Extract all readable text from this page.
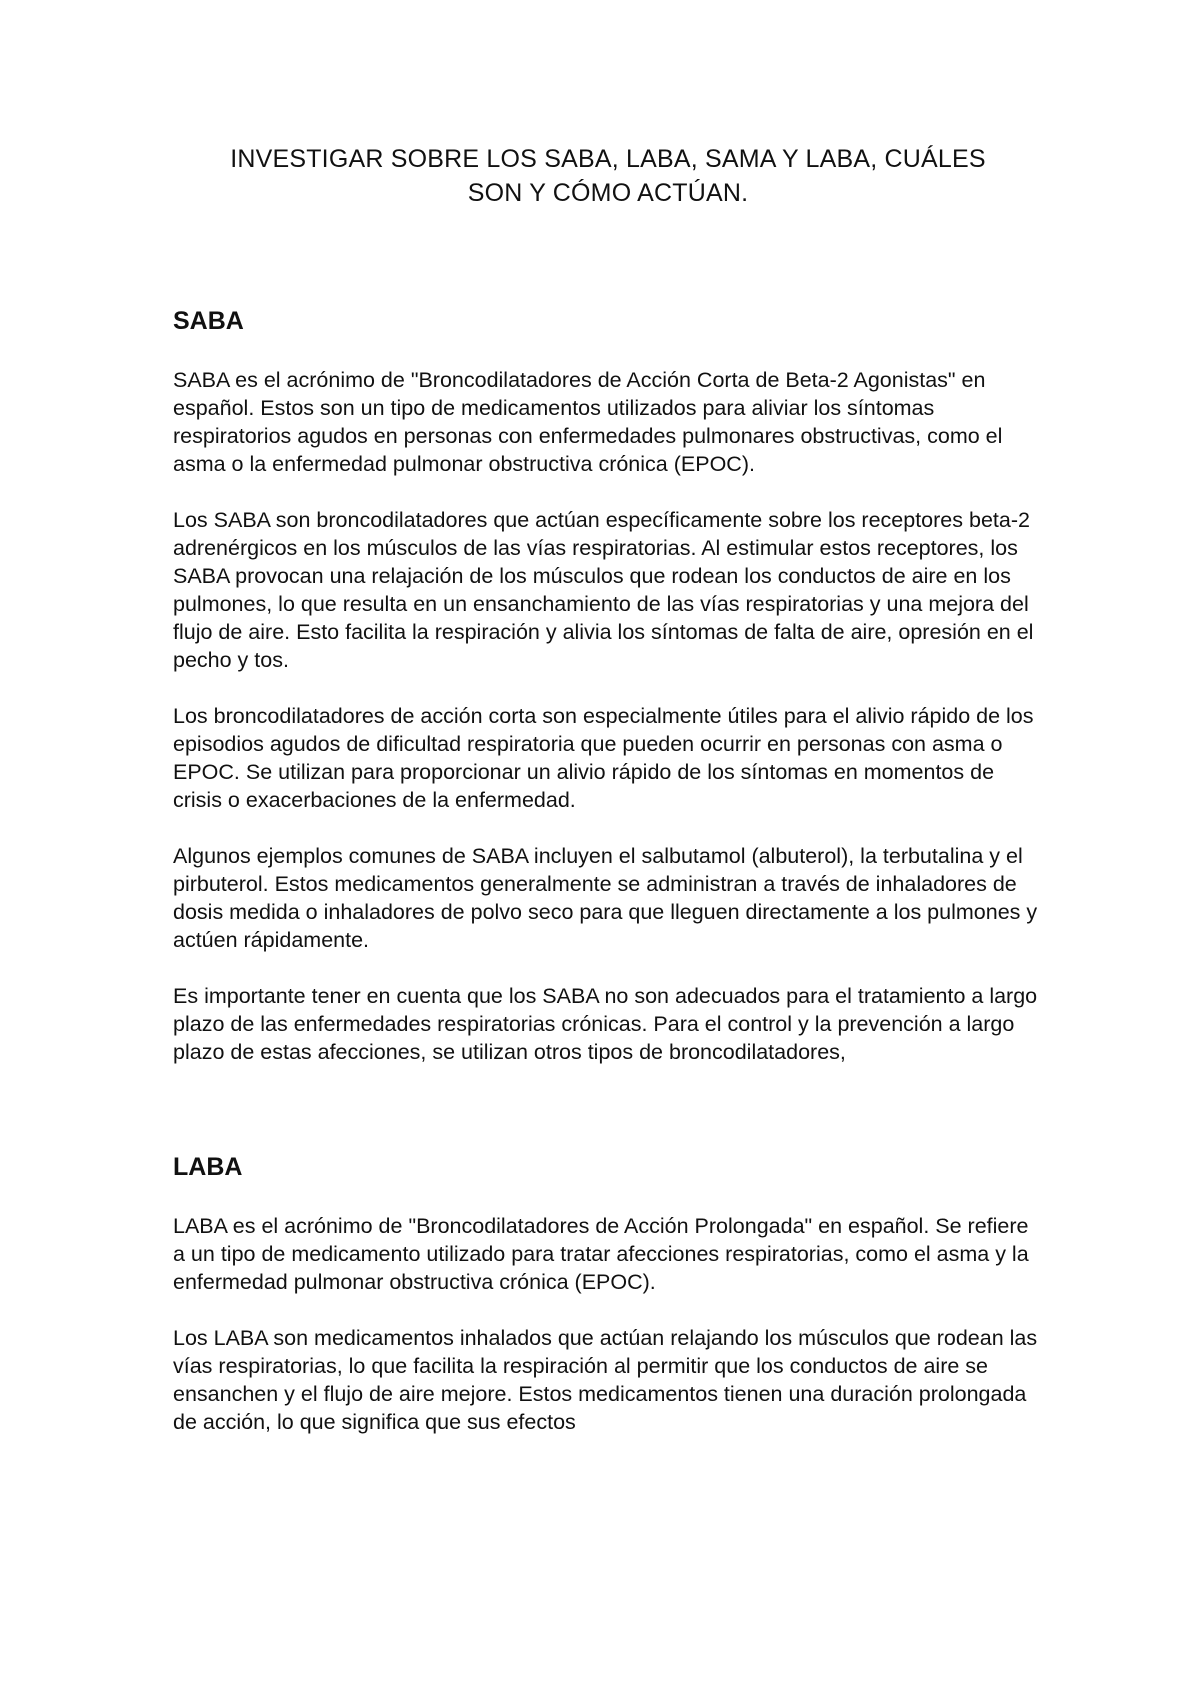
INVESTIGAR SOBRE LOS SABA, LABA, SAMA Y LABA, CUÁLES
SON Y CÓMO ACTÚAN.
SABA

SABA es el acrónimo de "Broncodilatadores de Acción Corta de Beta-2 Agonistas" en español. Estos son un tipo de medicamentos utilizados para aliviar los síntomas respiratorios agudos en personas con enfermedades pulmonares obstructivas, como el asma o la enfermedad pulmonar obstructiva crónica (EPOC).

Los SABA son broncodilatadores que actúan específicamente sobre los receptores beta-2 adrenérgicos en los músculos de las vías respiratorias. Al estimular estos receptores, los SABA provocan una relajación de los músculos que rodean los conductos de aire en los pulmones, lo que resulta en un ensanchamiento de las vías respiratorias y una mejora del flujo de aire. Esto facilita la respiración y alivia los síntomas de falta de aire, opresión en el pecho y tos.

Los broncodilatadores de acción corta son especialmente útiles para el alivio rápido de los episodios agudos de dificultad respiratoria que pueden ocurrir en personas con asma o EPOC. Se utilizan para proporcionar un alivio rápido de los síntomas en momentos de crisis o exacerbaciones de la enfermedad.

Algunos ejemplos comunes de SABA incluyen el salbutamol (albuterol), la terbutalina y el pirbuterol. Estos medicamentos generalmente se administran a través de inhaladores de dosis medida o inhaladores de polvo seco para que lleguen directamente a los pulmones y actúen rápidamente.

Es importante tener en cuenta que los SABA no son adecuados para el tratamiento a largo plazo de las enfermedades respiratorias crónicas. Para el control y la prevención a largo plazo de estas afecciones, se utilizan otros tipos de broncodilatadores,

LABA

LABA es el acrónimo de "Broncodilatadores de Acción Prolongada" en español. Se refiere a un tipo de medicamento utilizado para tratar afecciones respiratorias, como el asma y la enfermedad pulmonar obstructiva crónica (EPOC).

Los LABA son medicamentos inhalados que actúan relajando los músculos que rodean las vías respiratorias, lo que facilita la respiración al permitir que los conductos de aire se ensanchen y el flujo de aire mejore. Estos medicamentos tienen una duración prolongada de acción, lo que significa que sus efectos
